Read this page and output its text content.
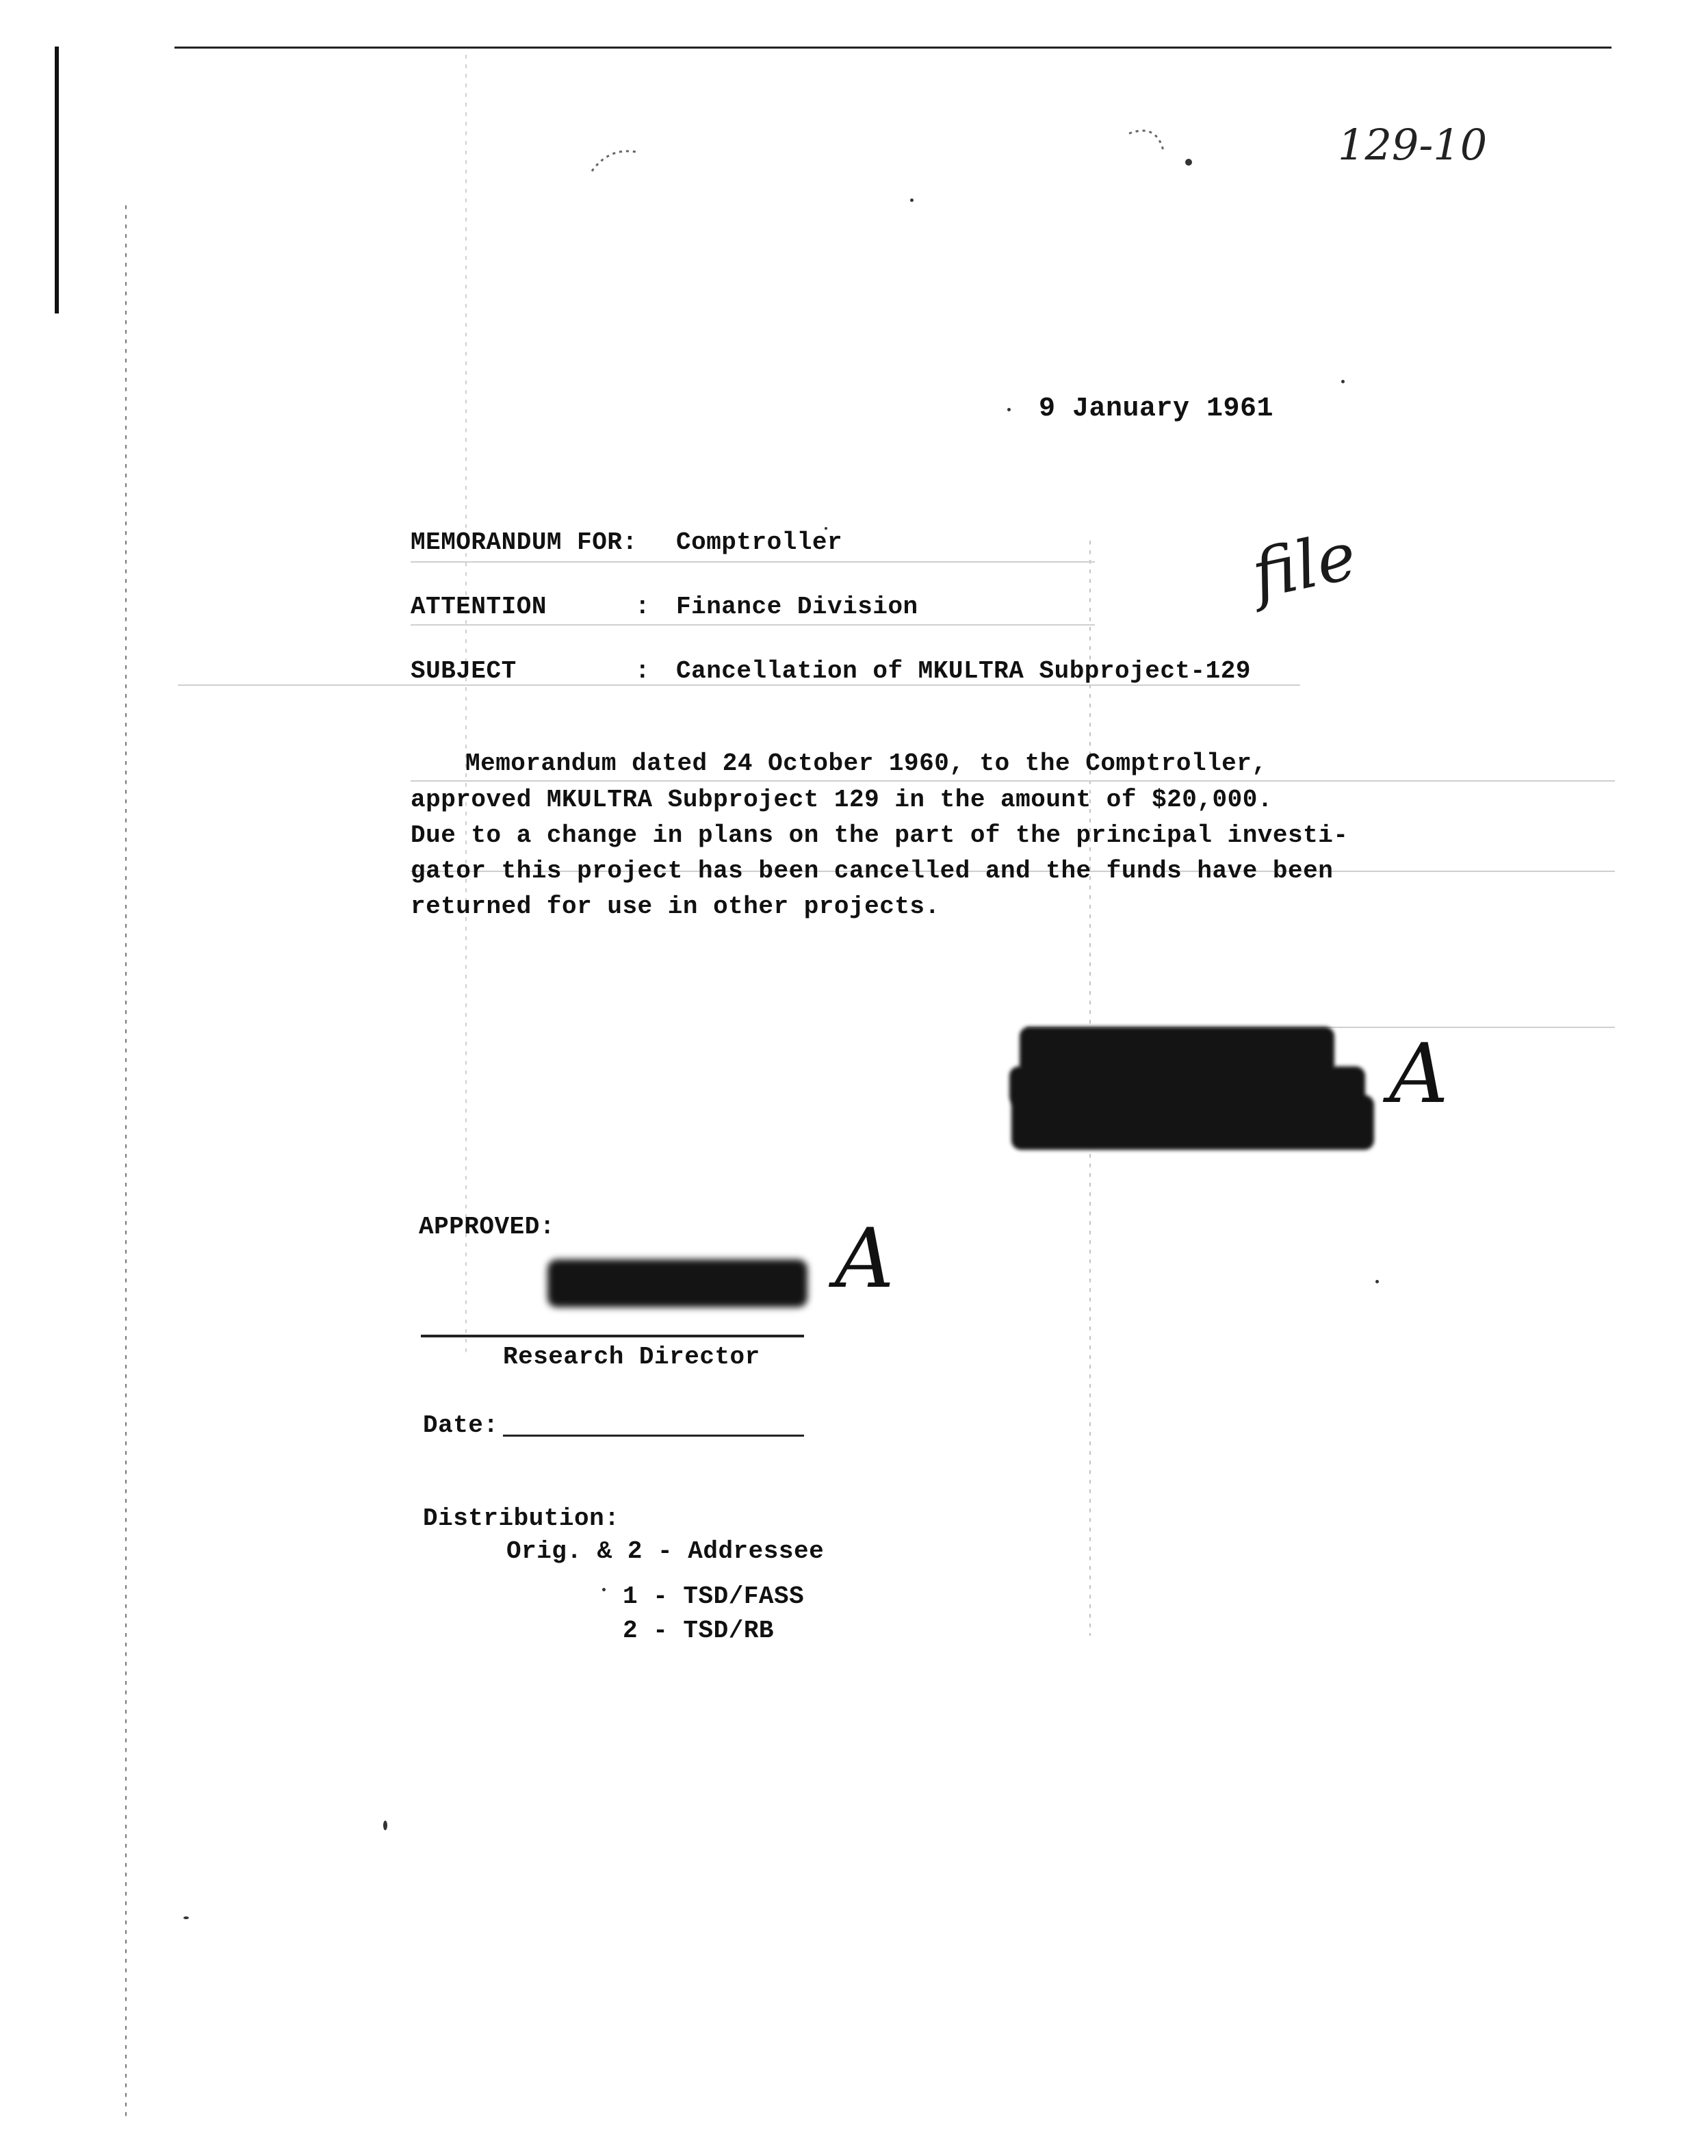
129-10
9 January 1961
MEMORANDUM FOR: Comptroller
ATTENTION	: Finance Division
SUBJECT	: Cancellation of MKULTRA Subproject-129
file
Memorandum dated 24 October 1960, to the Comptroller,
approved MKULTRA Subproject 129 in the amount of $20,000.
Due to a change in plans on the part of the principal investi-
gator this project has been cancelled and the funds have been
returned for use in other projects.
A
APPROVED:	A
Research Director
Date:
Distribution:
Orig. & 2 - Addressee
1 - TSD/FASS
2 - TSD/RB
